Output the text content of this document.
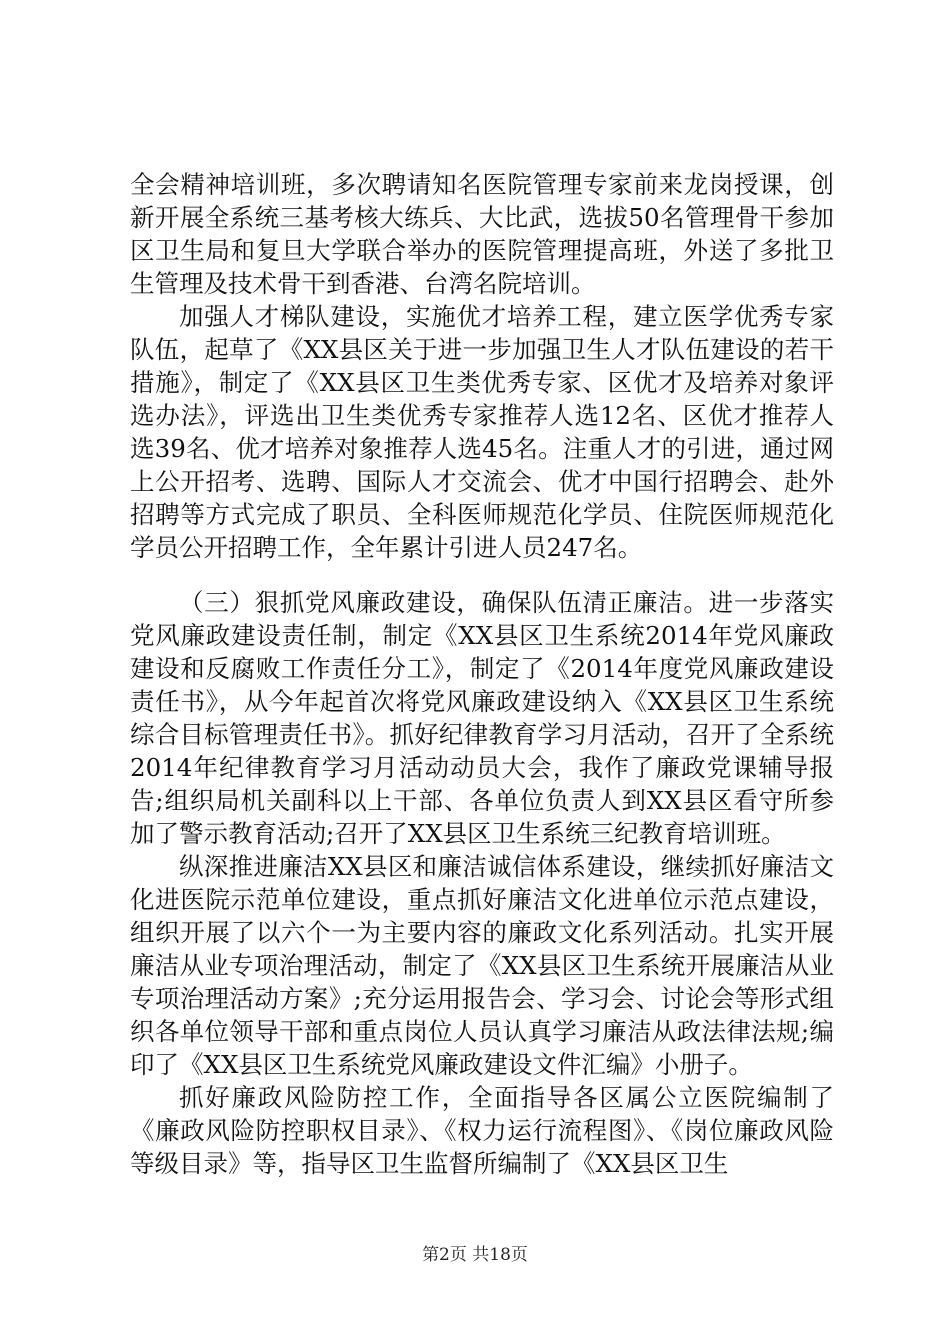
全会精神培训班，多次聘请知名医院管理专家前来龙岗授课，创新开展全系统三基考核大练兵、大比武，选拔50名管理骨干参加区卫生局和复旦大学联合举办的医院管理提高班，外送了多批卫生管理及技术骨干到香港、台湾名院培训。

加强人才梯队建设，实施优才培养工程，建立医学优秀专家队伍，起草了《XX县区关于进一步加强卫生人才队伍建设的若干措施》，制定了《XX县区卫生类优秀专家、区优才及培养对象评选办法》，评选出卫生类优秀专家推荐人选12名、区优才推荐人选39名、优才培养对象推荐人选45名。注重人才的引进，通过网上公开招考、选聘、国际人才交流会、优才中国行招聘会、赴外招聘等方式完成了职员、全科医师规范化学员、住院医师规范化学员公开招聘工作，全年累计引进人员247名。

（三）狠抓党风廉政建设，确保队伍清正廉洁。进一步落实党风廉政建设责任制，制定《XX县区卫生系统2014年党风廉政建设和反腐败工作责任分工》，制定了《2014年度党风廉政建设责任书》，从今年起首次将党风廉政建设纳入《XX县区卫生系统综合目标管理责任书》。抓好纪律教育学习月活动，召开了全系统2014年纪律教育学习月活动动员大会，我作了廉政党课辅导报告;组织局机关副科以上干部、各单位负责人到XX县区看守所参加了警示教育活动;召开了XX县区卫生系统三纪教育培训班。

纵深推进廉洁XX县区和廉洁诚信体系建设，继续抓好廉洁文化进医院示范单位建设，重点抓好廉洁文化进单位示范点建设，组织开展了以六个一为主要内容的廉政文化系列活动。扎实开展廉洁从业专项治理活动，制定了《XX县区卫生系统开展廉洁从业专项治理活动方案》;充分运用报告会、学习会、讨论会等形式组织各单位领导干部和重点岗位人员认真学习廉洁从政法律法规;编印了《XX县区卫生系统党风廉政建设文件汇编》小册子。

抓好廉政风险防控工作，全面指导各区属公立医院编制了《廉政风险防控职权目录》、《权力运行流程图》、《岗位廉政风险等级目录》等，指导区卫生监督所编制了《XX县区卫生

第2页 共18页
